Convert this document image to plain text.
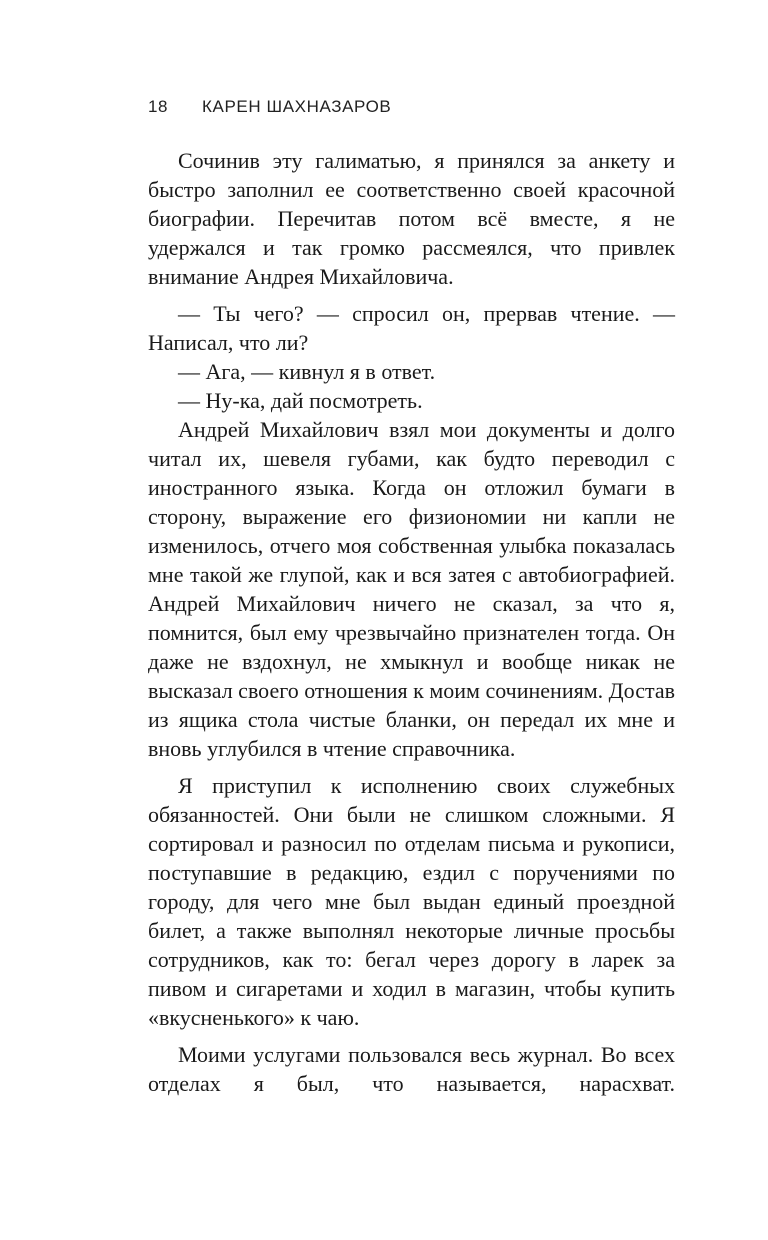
18 КАРЕН ШАХНАЗАРОВ

Сочинив эту галиматью, я принялся за анкету и быстро заполнил ее соответственно своей красочной биографии. Перечитав потом всё вместе, я не удержался и так громко рассмеялся, что привлек внимание Андрея Михайловича.

— Ты чего? — спросил он, прервав чтение. — Написал, что ли?

— Ага, — кивнул я в ответ.

— Ну-ка, дай посмотреть.

Андрей Михайлович взял мои документы и долго читал их, шевеля губами, как будто переводил с иностранного языка. Когда он отложил бумаги в сторону, выражение его физиономии ни капли не изменилось, отчего моя собственная улыбка показалась мне такой же глупой, как и вся затея с автобиографией. Андрей Михайлович ничего не сказал, за что я, помнится, был ему чрезвычайно признателен тогда. Он даже не вздохнул, не хмыкнул и вообще никак не высказал своего отношения к моим сочинениям. Достав из ящика стола чистые бланки, он передал их мне и вновь углубился в чтение справочника.

Я приступил к исполнению своих служебных обязанностей. Они были не слишком сложными. Я сортировал и разносил по отделам письма и рукописи, поступавшие в редакцию, ездил с поручениями по городу, для чего мне был выдан единый проездной билет, а также выполнял некоторые личные просьбы сотрудников, как то: бегал через дорогу в ларек за пивом и сигаретами и ходил в магазин, чтобы купить «вкусненького» к чаю.

Моими услугами пользовался весь журнал. Во всех отделах я был, что называется, нарасхват.
